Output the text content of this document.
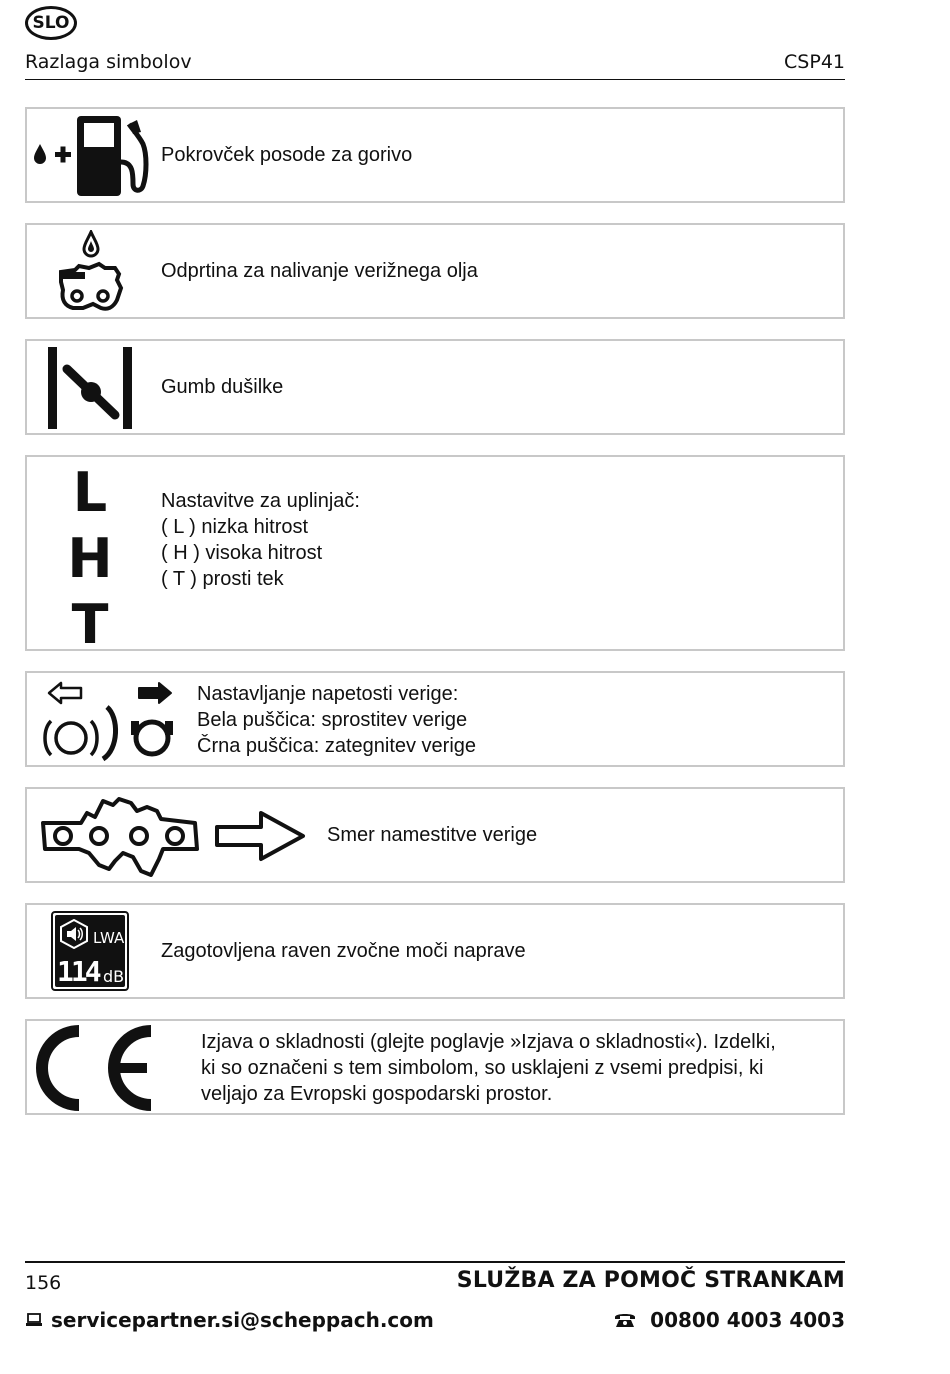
SLO
Razlaga simbolov	CSP41
Pokrovček posode za gorivo
Odprtina za nalivanje verižnega olja
Gumb dušilke
L
H
T
Nastavitve za uplinjač:
( L ) nizka hitrost
( H ) visoka hitrost
( T ) prosti tek
Nastavljanje napetosti verige:
Bela puščica: sprostitev verige
Črna puščica: zategnitev verige
Smer namestitve verige
LWA
114 dB
Zagotovljena raven zvočne moči naprave
Izjava o skladnosti (glejte poglavje »Izjava o skladnosti«). Izdelki,
ki so označeni s tem simbolom, so usklajeni z vsemi predpisi, ki
veljajo za Evropski gospodarski prostor.
156	SLUŽBA ZA POMOČ STRANKAM
servicepartner.si@scheppach.com	00800 4003 4003
